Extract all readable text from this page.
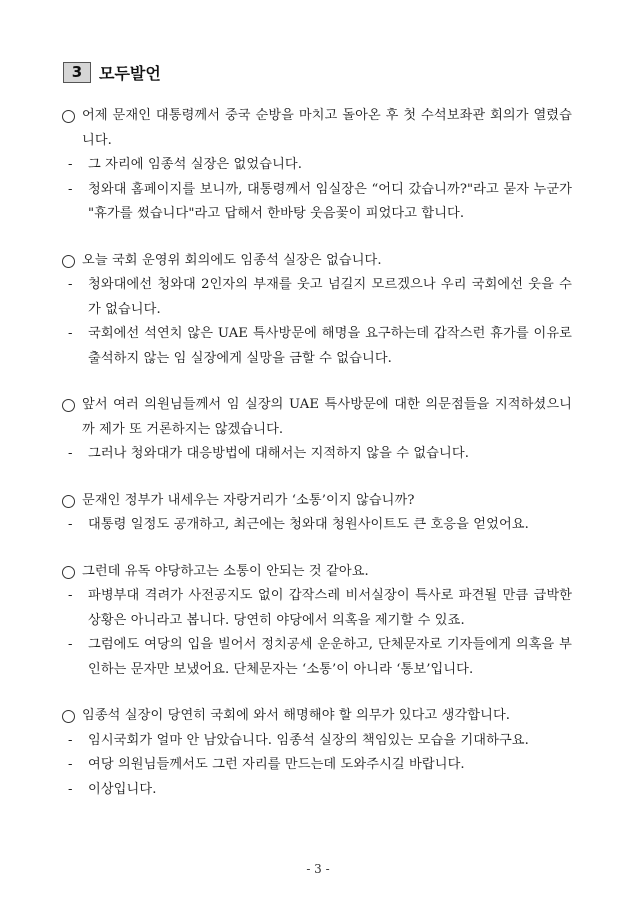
3	모두발언
어제 문재인 대통령께서 중국 순방을 마치고 돌아온 후 첫 수석보좌관 회의가 열렸습니다.
-	그 자리에 임종석 실장은 없었습니다.
-	청와대 홈페이지를 보니까, 대통령께서 임실장은 “어디 갔습니까?"라고 묻자 누군가 "휴가를 썼습니다"라고 답해서 한바탕 웃음꽃이 피었다고 합니다.
오늘 국회 운영위 회의에도 임종석 실장은 없습니다.
-	청와대에선 청와대 2인자의 부재를 웃고 넘길지 모르겠으나 우리 국회에선 웃을 수가 없습니다.
-	국회에선 석연치 않은 UAE 특사방문에 해명을 요구하는데 갑작스런 휴가를 이유로 출석하지 않는 임 실장에게 실망을 금할 수 없습니다.
앞서 여러 의원님들께서 임 실장의 UAE 특사방문에 대한 의문점들을 지적하셨으니까 제가 또 거론하지는 않겠습니다.
-	그러나 청와대가 대응방법에 대해서는 지적하지 않을 수 없습니다.
문재인 정부가 내세우는 자랑거리가 ‘소통’이지 않습니까?
-	대통령 일정도 공개하고, 최근에는 청와대 청원사이트도 큰 호응을 얻었어요.
그런데 유독 야당하고는 소통이 안되는 것 같아요.
-	파병부대 격려가 사전공지도 없이 갑작스레 비서실장이 특사로 파견될 만큼 급박한 상황은 아니라고 봅니다. 당연히 야당에서 의혹을 제기할 수 있죠.
-	그럼에도 여당의 입을 빌어서 정치공세 운운하고, 단체문자로 기자들에게 의혹을 부인하는 문자만 보냈어요. 단체문자는 ‘소통’이 아니라 ‘통보’입니다.
임종석 실장이 당연히 국회에 와서 해명해야 할 의무가 있다고 생각합니다.
-	임시국회가 얼마 안 남았습니다. 임종석 실장의 책임있는 모습을 기대하구요.
-	여당 의원님들께서도 그런 자리를 만드는데 도와주시길 바랍니다.
-	이상입니다.
- 3 -
